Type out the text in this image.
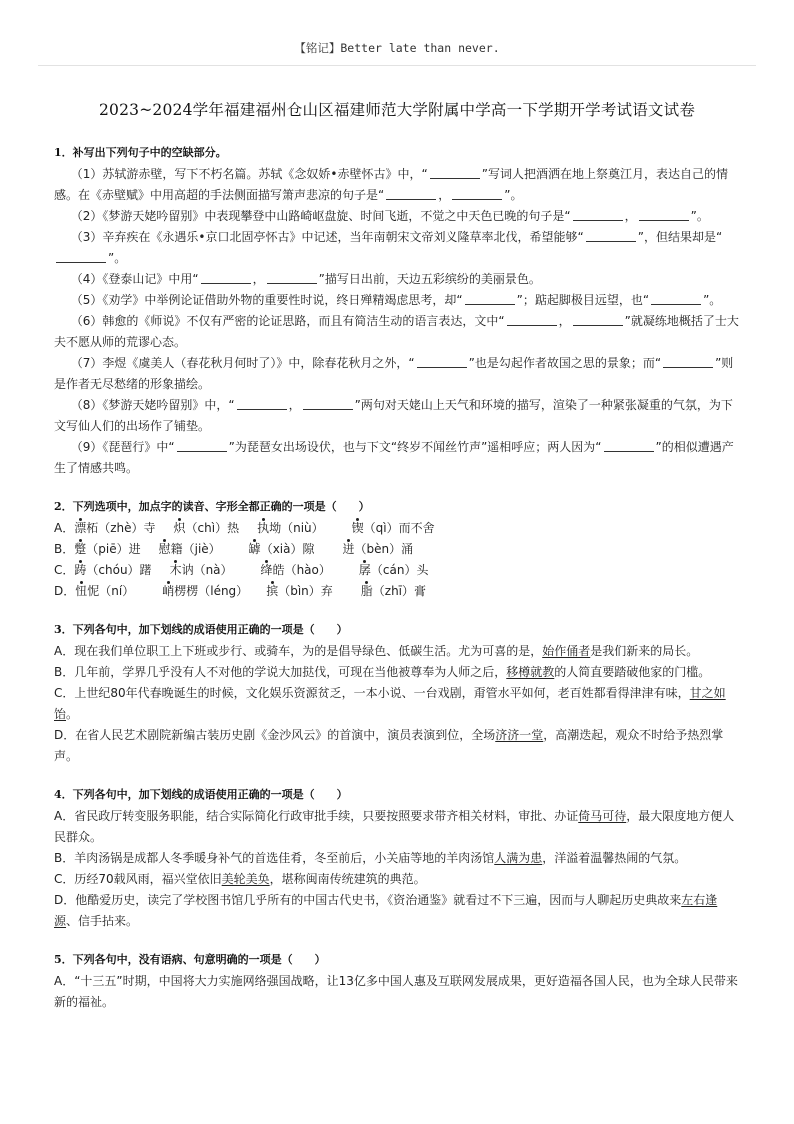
【铭记】Better late than never.
2023~2024学年福建福州仓山区福建师范大学附属中学高一下学期开学考试语文试卷
1．补写出下列句子中的空缺部分。
（1）苏轼游赤壁，写下不朽名篇。苏轼《念奴娇•赤壁怀古》中，“	”写词人把酒洒在地上祭奠江月，表达自己的情感。在《赤壁赋》中用高超的手法侧面描写箫声悲凉的句子是“	，	”。
（2）《梦游天姥吟留别》中表现攀登中山路崎岖盘旋、时间飞逝，不觉之中天色已晚的句子是“	，	”。
（3）辛弃疾在《永遇乐•京口北固亭怀古》中记述，当年南朝宋文帝刘义隆草率北伐，希望能够“	”，但结果却是“”。
（4）《登泰山记》中用“	，	”描写日出前，天边五彩缤纷的美丽景色。
（5）《劝学》中举例论证借助外物的重要性时说，终日殚精竭虑思考，却“	”；踮起脚极目远望，也“	”。
（6）韩愈的《师说》不仅有严密的论证思路，而且有简洁生动的语言表达，文中“	，	”就凝练地概括了士大夫不愿从师的荒谬心态。
（7）李煜《虞美人（春花秋月何时了）》中，除春花秋月之外，“	”也是勾起作者故国之思的景象；而“	”则是作者无尽愁绪的形象描绘。
（8）《梦游天姥吟留别》中，“	，	”两句对天姥山上天气和环境的描写，渲染了一种紧张凝重的气氛，为下文写仙人们的出场作了铺垫。
（9）《琵琶行》中“	”为琵琶女出场设伏，也与下文“终岁不闻丝竹声”遥相呼应；两人因为“	”的相似遭遇产生了情感共鸣。
2．下列选项中，加点字的读音、字形全都正确的一项是（　　）
A．漂柘（zhè）寺 炽（chì）热 执坳（niù） 锲（qì）而不舍
B．蹩（piē）进 慰籍（jiè） 罅（xià）隙 迸（bèn）涌
C．踌（chóu）躇 木讷（nà） 绛皓（hào） 孱（cán）头
D．忸怩（ní） 峭楞楞（léng） 摈（bìn）弃 脂（zhī）膏
3．下列各句中，加下划线的成语使用正确的一项是（　　）
A．现在我们单位职工上下班或步行、或骑车，为的是倡导绿色、低碳生活。尤为可喜的是，始作俑者是我们新来的局长。
B．几年前，学界几乎没有人不对他的学说大加挞伐，可现在当他被尊奉为人师之后，移樽就教的人简直要踏破他家的门槛。
C．上世纪80年代春晚诞生的时候，文化娱乐资源贫乏，一本小说、一台戏剧，甭管水平如何，老百姓都看得津津有味，甘之如饴。
D．在省人民艺术剧院新编古装历史剧《金沙风云》的首演中，演员表演到位，全场济济一堂，高潮迭起，观众不时给予热烈掌声。
4．下列各句中，加下划线的成语使用正确的一项是（　　）
A．省民政厅转变服务职能，结合实际简化行政审批手续，只要按照要求带齐相关材料，审批、办证倚马可待，最大限度地方便人民群众。
B．羊肉汤锅是成都人冬季暖身补气的首选佳肴，冬至前后，小关庙等地的羊肉汤馆人满为患，洋溢着温馨热闹的气氛。
C．历经70载风雨，福兴堂依旧美轮美奂，堪称闽南传统建筑的典范。
D．他酷爱历史，读完了学校图书馆几乎所有的中国古代史书，《资治通鉴》就看过不下三遍，因而与人聊起历史典故来左右逢源、信手拈来。
5．下列各句中，没有语病、句意明确的一项是（　　）
A．“十三五”时期，中国将大力实施网络强国战略，让13亿多中国人惠及互联网发展成果，更好造福各国人民，也为全球人民带来新的福祉。
